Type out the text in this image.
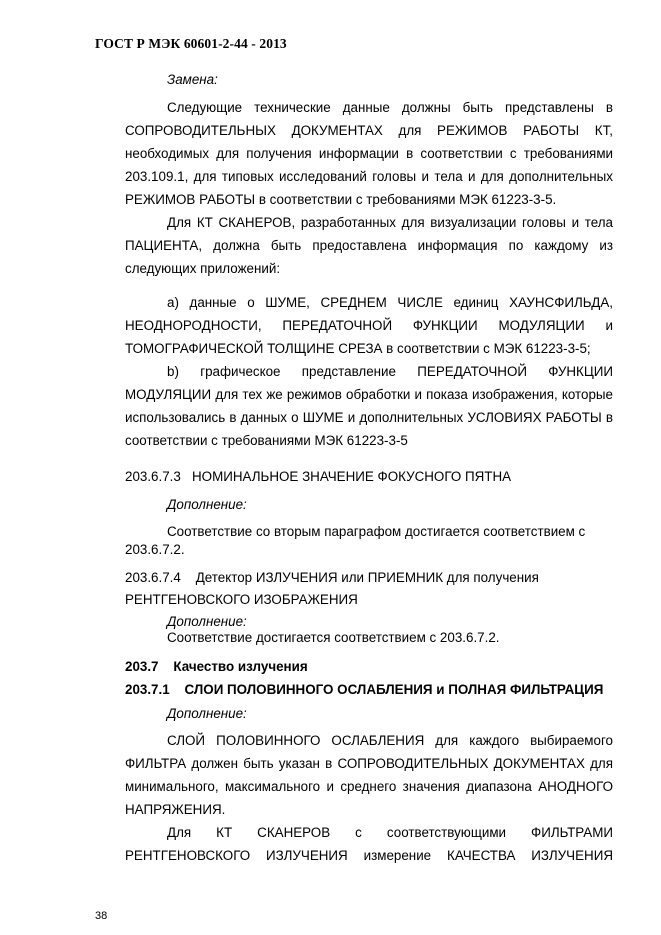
ГОСТ Р МЭК 60601-2-44 - 2013
Замена:
Следующие технические данные должны быть представлены в
СОПРОВОДИТЕЛЬНЫХ ДОКУМЕНТАХ для РЕЖИМОВ РАБОТЫ КТ,
необходимых для получения информации в соответствии с требованиями
203.109.1, для типовых исследований головы и тела и для дополнительных
РЕЖИМОВ РАБОТЫ в соответствии с требованиями МЭК 61223-3-5.
Для КТ СКАНЕРОВ, разработанных для визуализации головы и тела
ПАЦИЕНТА, должна быть предоставлена информация по каждому из
следующих приложений:
а) данные о ШУМЕ, СРЕДНЕМ ЧИСЛЕ единиц ХАУНСФИЛЬДА,
НЕОДНОРОДНОСТИ, ПЕРЕДАТОЧНОЙ ФУНКЦИИ МОДУЛЯЦИИ и
ТОМОГРАФИЧЕСКОЙ ТОЛЩИНЕ СРЕЗА в соответствии с МЭК 61223-3-5;
b) графическое представление ПЕРЕДАТОЧНОЙ ФУНКЦИИ
МОДУЛЯЦИИ для тех же режимов обработки и показа изображения, которые
использовались в данных о ШУМЕ и дополнительных УСЛОВИЯХ РАБОТЫ в
соответствии с требованиями МЭК 61223-3-5
203.6.7.3   НОМИНАЛЬНОЕ ЗНАЧЕНИЕ ФОКУСНОГО ПЯТНА
Дополнение:
Соответствие со вторым параграфом достигается соответствием с
203.6.7.2.
203.6.7.4    Детектор ИЗЛУЧЕНИЯ или ПРИЕМНИК для получения
РЕНТГЕНОВСКОГО ИЗОБРАЖЕНИЯ
Дополнение:
Соответствие достигается соответствием с 203.6.7.2.
203.7    Качество излучения
203.7.1    СЛОИ ПОЛОВИННОГО ОСЛАБЛЕНИЯ и ПОЛНАЯ ФИЛЬТРАЦИЯ
Дополнение:
СЛОЙ ПОЛОВИННОГО ОСЛАБЛЕНИЯ для каждого выбираемого
ФИЛЬТРА должен быть указан в СОПРОВОДИТЕЛЬНЫХ ДОКУМЕНТАХ для
минимального, максимального и среднего значения диапазона АНОДНОГО
НАПРЯЖЕНИЯ.
Для КТ СКАНЕРОВ с соответствующими ФИЛЬТРАМИ
РЕНТГЕНОВСКОГО ИЗЛУЧЕНИЯ измерение КАЧЕСТВА ИЗЛУЧЕНИЯ
38
